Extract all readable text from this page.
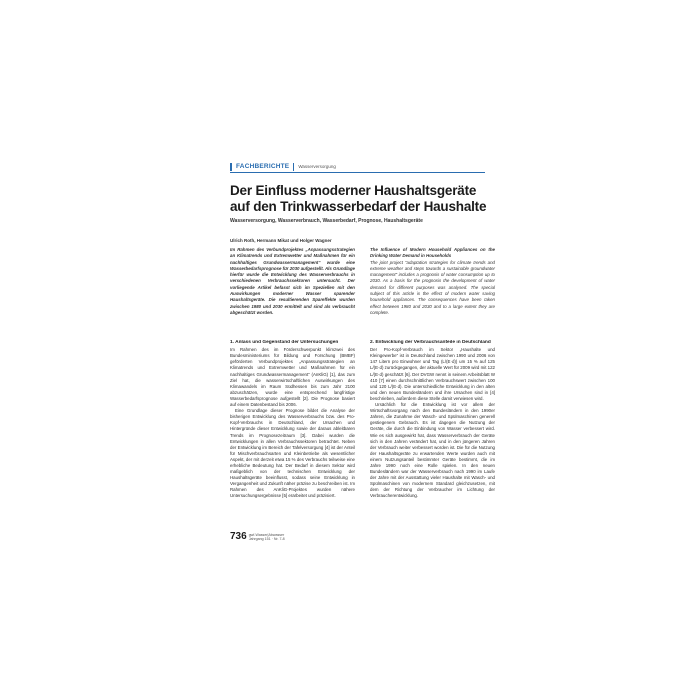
FACHBERICHTE Wasserversorgung
Der Einfluss moderner Haushaltsgeräte
auf den Trinkwasserbedarf der Haushalte
Wasserversorgung, Wasserverbrauch, Wasserbedarf, Prognose, Haushaltsgeräte
Ulrich Roth, Hermann Mikat und Holger Wagner
Im Rahmen des Verbundprojektes „Anpassungsstrategien an Klimatrends und Extremwetter und Maßnahmen für ein nachhaltiges Grundwassermanagement“ wurde eine Wasserbedarfsprognose für 2030 aufgestellt. Als Grundlage hierfür wurde die Entwicklung des Wasserverbrauchs in verschiedenen Verbrauchssektoren untersucht. Der vorliegende Artikel befasst sich im Speziellen mit den Auswirkungen moderner Wasser sparender Haushaltsgeräte. Die resultierenden Spareffekte wurden zwischen 1980 und 2030 ermittelt und sind als verbraucht abgeschätzt worden.
The Influence of Modern Household Appliances on the Drinking Water Demand in Households
The joint project “adaptation strategies for climate trends and extreme weather and steps towards a sustainable groundwater management” includes a prognosis of water consumption up to 2030. As a basis for the prognosis the development of water demand for different purposes was analysed. The special subject of this article is the effect of modern water saving household appliances. The consequences have been taken effect between 1980 and 2030 and to a large extent they are complete.
1. Anlass und Gegenstand der Untersuchungen

Im Rahmen des im Förderschwerpunkt klimzwei des Bundesministeriums für Bildung und Forschung (BMBF) geförderten Verbundprojektes „Anpassungsstrategien an Klimatrends und Extremwetter und Maßnahmen für ein nachhaltiges Grundwassermanagement“ (AnKliG) [1], das zum Ziel hat, die wasserwirtschaftlichen Auswirkungen des Klimawandels im Raum Südhessen bis zum Jahr 2100 abzuschätzen, wurde eine entsprechend langfristige Wasserbedarfsprognose aufgestellt [2]. Die Prognose basiert auf einem Datenbestand bis 2006.

Eine Grundlage dieser Prognose bildet die Analyse der bisherigen Entwicklung des Wasserverbrauchs bzw. des Pro-Kopf-Verbrauchs in Deutschland, der Ursachen und Hintergründe dieser Entwicklung sowie der daraus ableitbaren Trends im Prognosezeitraum [3]. Dabei wurden die Entwicklungen in allen Verbrauchssektoren betrachtet. Neben der Entwicklung im Bereich der Tafelversorgung [4] ist der Anteil für Mischverbrauchsarten und Kleinbetriebe als wesentlicher Aspekt, der mit derzeit etwa 15 % des Verbrauchs teilweise eine erhebliche Bedeutung hat. Der Bedarf in diesem Sektor wird maßgeblich von der technischen Entwicklung der Haushaltsgeräte beeinflusst, sodass seine Entwicklung in Vergangenheit und Zukunft näher präzise zu beschreiben ist. Im Rahmen des AnKliG-Projektes wurden nähere Untersuchungsergebnisse [5] erarbeitet und präzisiert.

2. Entwicklung der Verbrauchsanteile in Deutschland

Der Pro-Kopf-Verbrauch im Sektor „Haushalte und Kleingewerbe“ ist in Deutschland zwischen 1990 und 2006 von 147 Litern pro Einwohner und Tag (L/(E·d)) um 15 % auf 125 L/(E·d) zurückgegangen, der aktuelle Wert für 2009 wird mit 122 L/(E·d) geschätzt [6]. Der DVGW nennt in seinem Arbeitsblatt W 410 [7] einen durchschnittlichen Verbrauchswert zwischen 100 und 120 L/(E·d). Die unterschiedliche Entwicklung in den alten und den neuen Bundesländern und ihre Ursachen sind in [4] beschrieben, außerdem diese Stelle damit verwiesen wird.

Ursächlich für die Entwicklung ist vor allem der Wirtschaftsvorgang nach den Bundesländern in den 1990er Jahren, die Zunahme der Wasch- und Spülmaschinen generell gestiegenem Gebrauch. Es ist dagegen die Nutzung der Geräte, die durch die Einbindung von Wasser verbessert wird. Wie es sich ausgewirkt hat, dass Wasserverbrauch der Geräte sich in den Jahren verändert hat, und in den jüngeren Jahren der Verbrauch weiter verbessert worden ist. Die für die Nutzung der Haushaltsgeräte zu erwartenden Werte wurden auch mit einem Nutzungsanteil bestimmter Geräte bestimmt, die im Jahre 1990 noch eine Rolle spielen. In den neuen Bundesländern war der Wasserverbrauch nach 1990 im Laufe der Jahre mit der Ausstattung vieler Haushalte mit Wasch- und Spülmaschinen von modernem Standard gleichzusetzen, mit dem der Richtung der Verbraucher im Lichtung der Verbraucherentwicklung.

736 gwf-Wasser|Abwasser
Jahrgang 151 · Nr. 7-8
